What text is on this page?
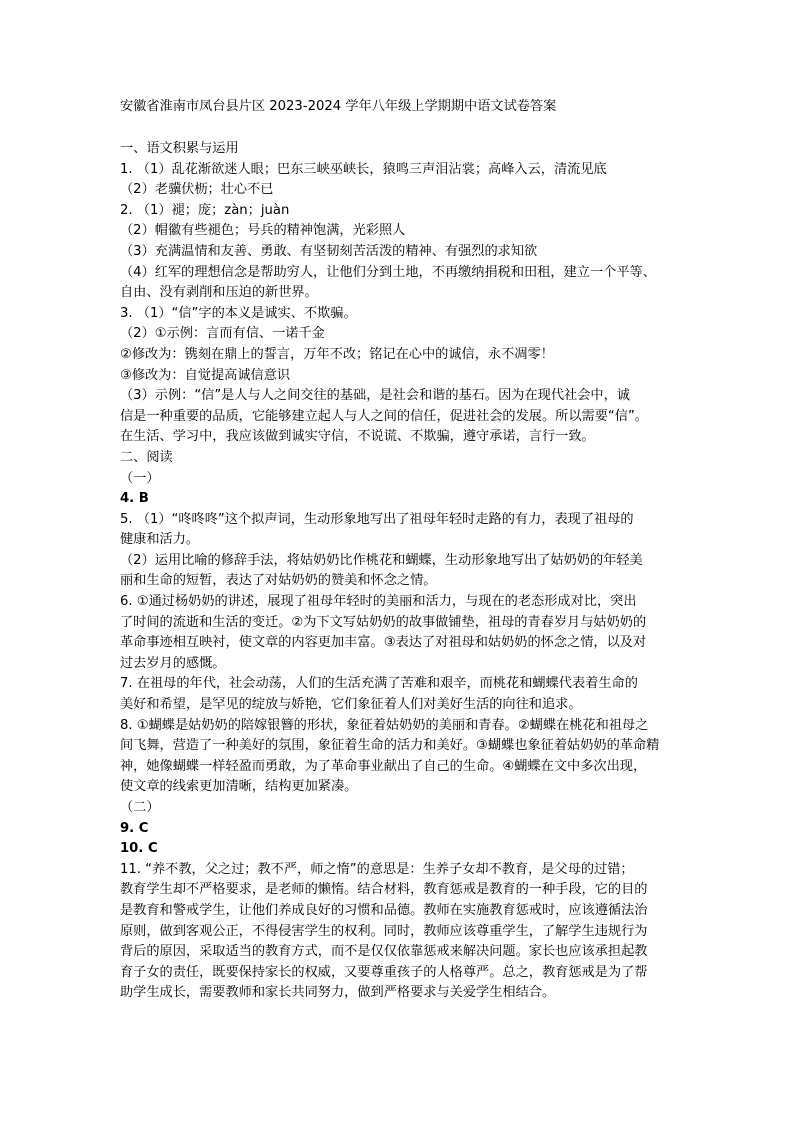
安徽省淮南市凤台县片区 2023-2024 学年八年级上学期期中语文试卷答案
一、语文积累与运用
1. （1）乱花渐欲迷人眼；巴东三峡巫峡长，猿鸣三声泪沾裳；高峰入云，清流见底
（2）老骥伏枥；壮心不已
2. （1）褪；庞；zàn；juàn
（2）帽徽有些褪色；号兵的精神饱满，光彩照人
（3）充满温情和友善、勇敢、有坚韧刻苦活泼的精神、有强烈的求知欲
（4）红军的理想信念是帮助穷人，让他们分到土地，不再缴纳捐税和田租，建立一个平等、
自由、没有剥削和压迫的新世界。
3. （1）“信”字的本义是诚实、不欺骗。
（2）①示例：言而有信、一诺千金
②修改为：镌刻在鼎上的誓言，万年不改；铭记在心中的诚信，永不凋零！
③修改为：自觉提高诚信意识
（3）示例：“信”是人与人之间交往的基础，是社会和谐的基石。因为在现代社会中，诚
信是一种重要的品质，它能够建立起人与人之间的信任，促进社会的发展。所以需要“信”。
在生活、学习中，我应该做到诚实守信，不说谎、不欺骗，遵守承诺，言行一致。
二、阅读
（一）
4. B
5. （1）“咚咚咚”这个拟声词，生动形象地写出了祖母年轻时走路的有力，表现了祖母的
健康和活力。
（2）运用比喻的修辞手法，将姑奶奶比作桃花和蝴蝶，生动形象地写出了姑奶奶的年轻美
丽和生命的短暂，表达了对姑奶奶的赞美和怀念之情。
6. ①通过杨奶奶的讲述，展现了祖母年轻时的美丽和活力，与现在的老态形成对比，突出
了时间的流逝和生活的变迁。②为下文写姑奶奶的故事做铺垫，祖母的青春岁月与姑奶奶的
革命事迹相互映衬，使文章的内容更加丰富。③表达了对祖母和姑奶奶的怀念之情，以及对
过去岁月的感慨。
7. 在祖母的年代，社会动荡，人们的生活充满了苦难和艰辛，而桃花和蝴蝶代表着生命的
美好和希望，是罕见的绽放与娇艳，它们象征着人们对美好生活的向往和追求。
8. ①蝴蝶是姑奶奶的陪嫁银簪的形状，象征着姑奶奶的美丽和青春。②蝴蝶在桃花和祖母之
间飞舞，营造了一种美好的氛围，象征着生命的活力和美好。③蝴蝶也象征着姑奶奶的革命精
神，她像蝴蝶一样轻盈而勇敢，为了革命事业献出了自己的生命。④蝴蝶在文中多次出现，
使文章的线索更加清晰，结构更加紧凑。
（二）
9. C
10. C
11. “养不教，父之过；教不严，师之惰”的意思是：生养子女却不教育，是父母的过错；
教育学生却不严格要求，是老师的懒惰。结合材料，教育惩戒是教育的一种手段，它的目的
是教育和警戒学生，让他们养成良好的习惯和品德。教师在实施教育惩戒时，应该遵循法治
原则，做到客观公正，不得侵害学生的权利。同时，教师应该尊重学生，了解学生违规行为
背后的原因，采取适当的教育方式，而不是仅仅依靠惩戒来解决问题。家长也应该承担起教
育子女的责任，既要保持家长的权威，又要尊重孩子的人格尊严。总之，教育惩戒是为了帮
助学生成长，需要教师和家长共同努力，做到严格要求与关爱学生相结合。
